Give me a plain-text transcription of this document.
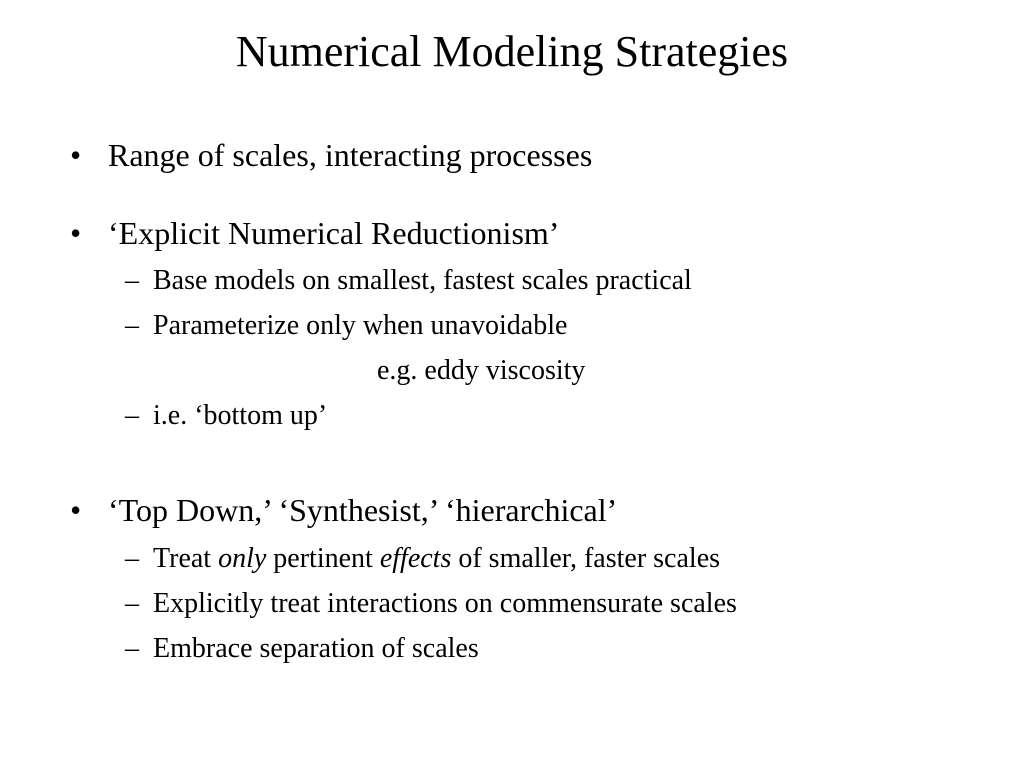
Numerical Modeling Strategies
• Range of scales, interacting processes
• ‘Explicit Numerical Reductionism’
– Base models on smallest, fastest scales practical
– Parameterize only when unavoidable
e.g. eddy viscosity
– i.e. ‘bottom up’
• ‘Top Down,’ ‘Synthesist,’ ‘hierarchical’
– Treat only pertinent effects of smaller, faster scales
– Explicitly treat interactions on commensurate scales
– Embrace separation of scales
